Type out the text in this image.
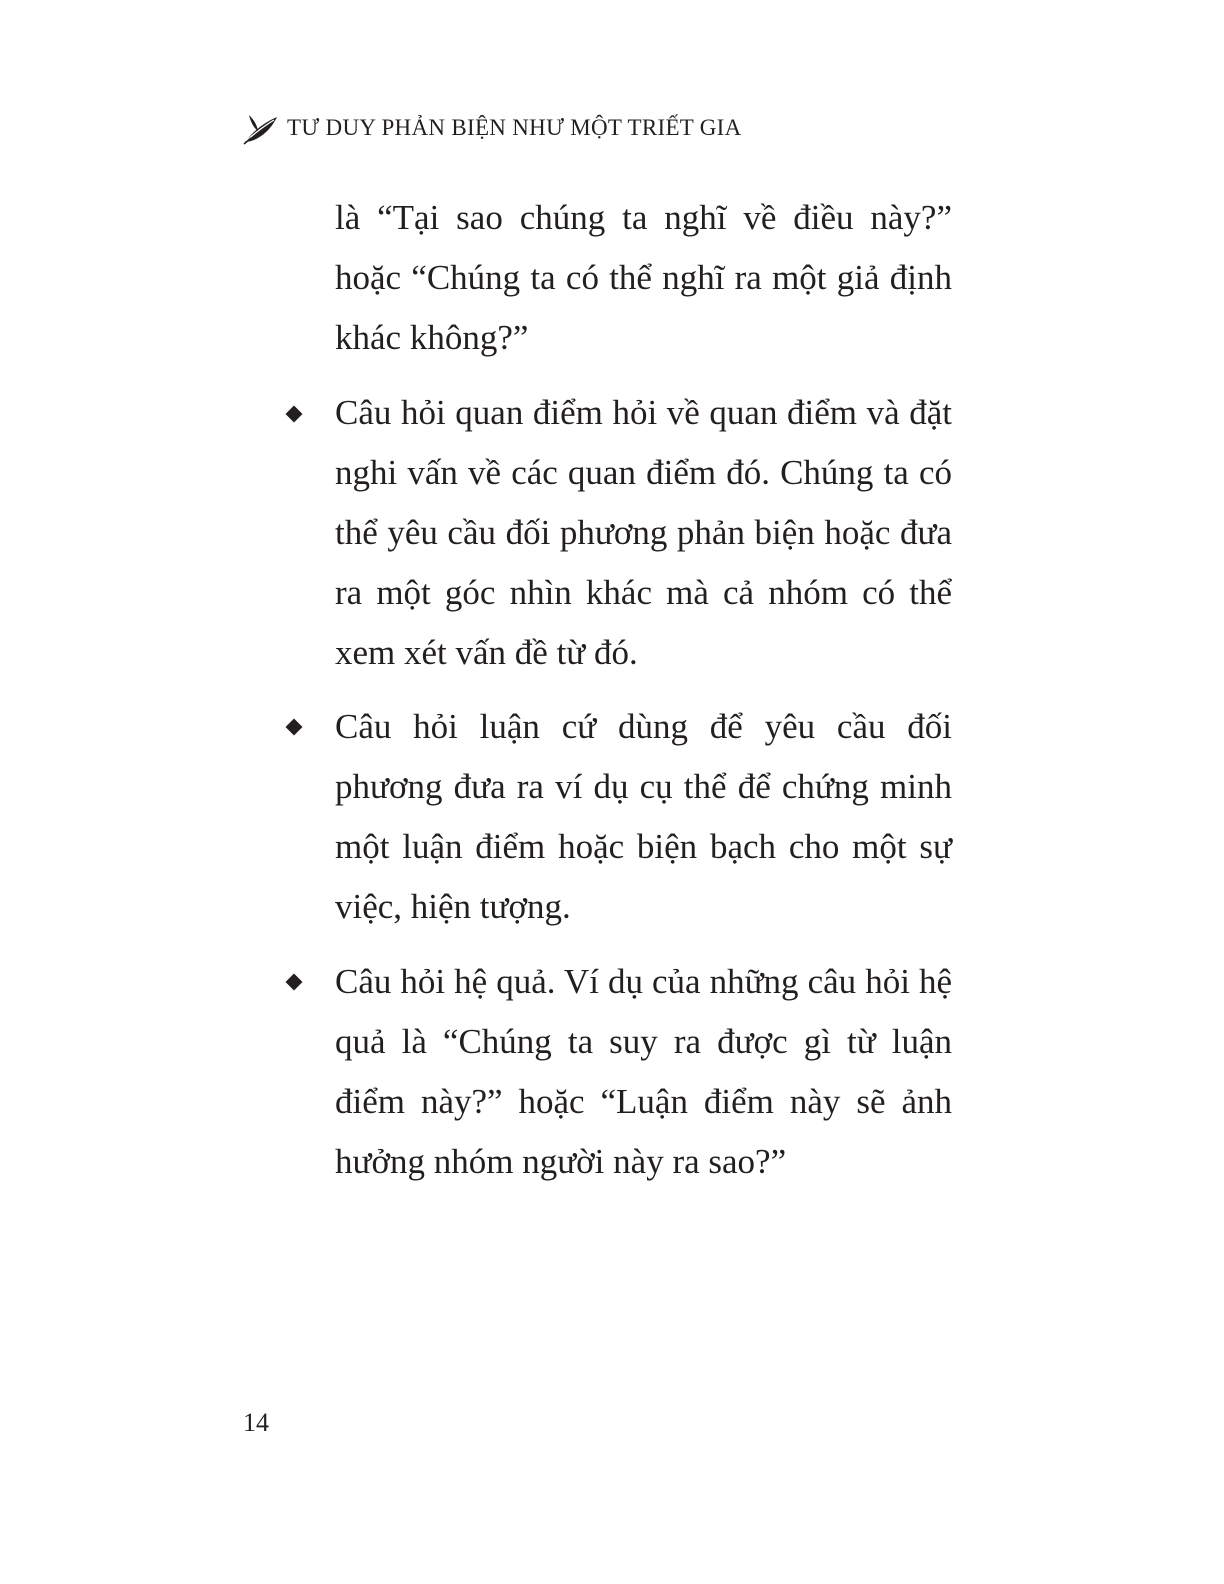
TƯ DUY PHẢN BIỆN NHƯ MỘT TRIẾT GIA

là “Tại sao chúng ta nghĩ về điều này?” hoặc “Chúng ta có thể nghĩ ra một giả định khác không?”

Câu hỏi quan điểm hỏi về quan điểm và đặt nghi vấn về các quan điểm đó. Chúng ta có thể yêu cầu đối phương phản biện hoặc đưa ra một góc nhìn khác mà cả nhóm có thể xem xét vấn đề từ đó.

Câu hỏi luận cứ dùng để yêu cầu đối phương đưa ra ví dụ cụ thể để chứng minh một luận điểm hoặc biện bạch cho một sự việc, hiện tượng.

Câu hỏi hệ quả. Ví dụ của những câu hỏi hệ quả là “Chúng ta suy ra được gì từ luận điểm này?” hoặc “Luận điểm này sẽ ảnh hưởng nhóm người này ra sao?”

14
